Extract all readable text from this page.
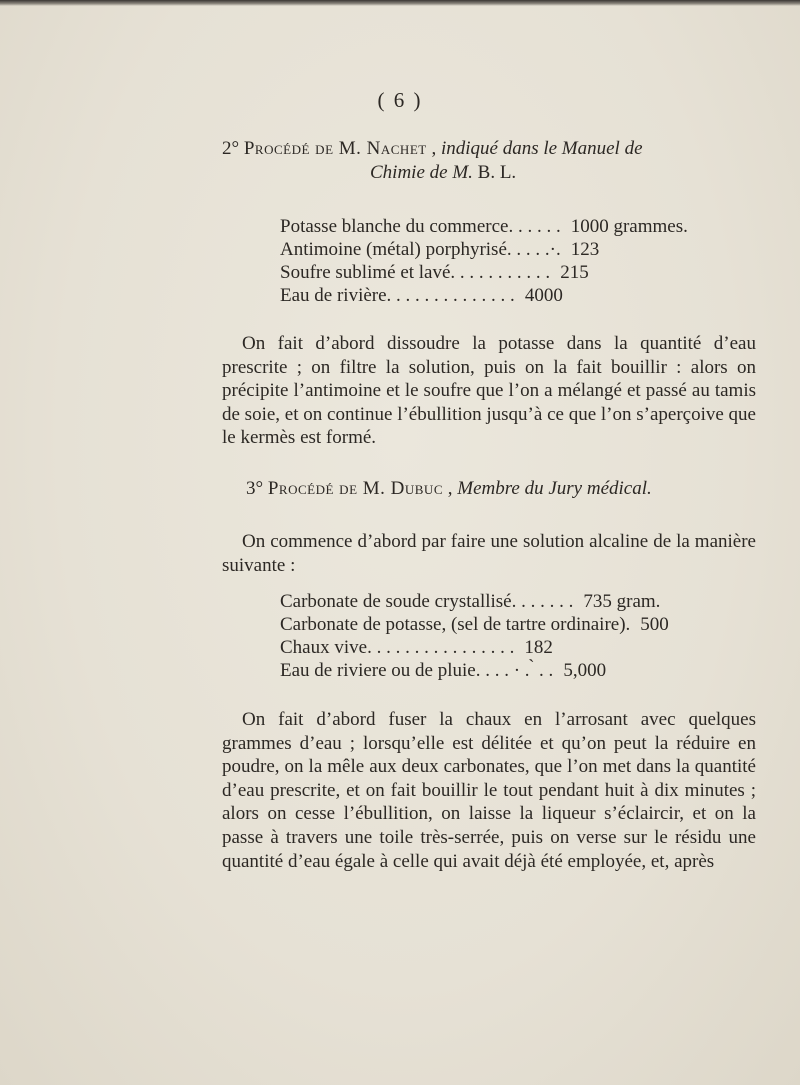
( 6 )
2° Procédé de M. Nachet , indiqué dans le Manuel de
Chimie de M. B. L.
Potasse blanche du commerce. . . . . . 1000 grammes.
Antimoine (métal) porphyrisé. . . . .·. 123
Soufre sublimé et lavé. . . . . . . . . . . 215
Eau de rivière. . . . . . . . . . . . . . 4000
On fait d’abord dissoudre la potasse dans la quantité d’eau prescrite ; on filtre la solution, puis on la fait bouillir : alors on précipite l’antimoine et le soufre que l’on a mélangé et passé au tamis de soie, et on continue l’ébullition jusqu’à ce que l’on s’aperçoive que le kermès est formé.
3° Procédé de M. Dubuc , Membre du Jury médical.
On commence d’abord par faire une solution alcaline de la manière suivante :
Carbonate de soude crystallisé. . . . . . . 735 gram.
Carbonate de potasse, (sel de tartre ordinaire). 500
Chaux vive. . . . . . . . . . . . . . . . 182
Eau de riviere ou de pluie. . . . · . ̀ . . 5,000
On fait d’abord fuser la chaux en l’arrosant avec quelques grammes d’eau ; lorsqu’elle est délitée et qu’on peut la réduire en poudre, on la mêle aux deux carbonates, que l’on met dans la quantité d’eau prescrite, et on fait bouillir le tout pendant huit à dix minutes ; alors on cesse l’ébullition, on laisse la liqueur s’éclaircir, et on la passe à travers une toile très-serrée, puis on verse sur le résidu une quantité d’eau égale à celle qui avait déjà été employée, et, après
